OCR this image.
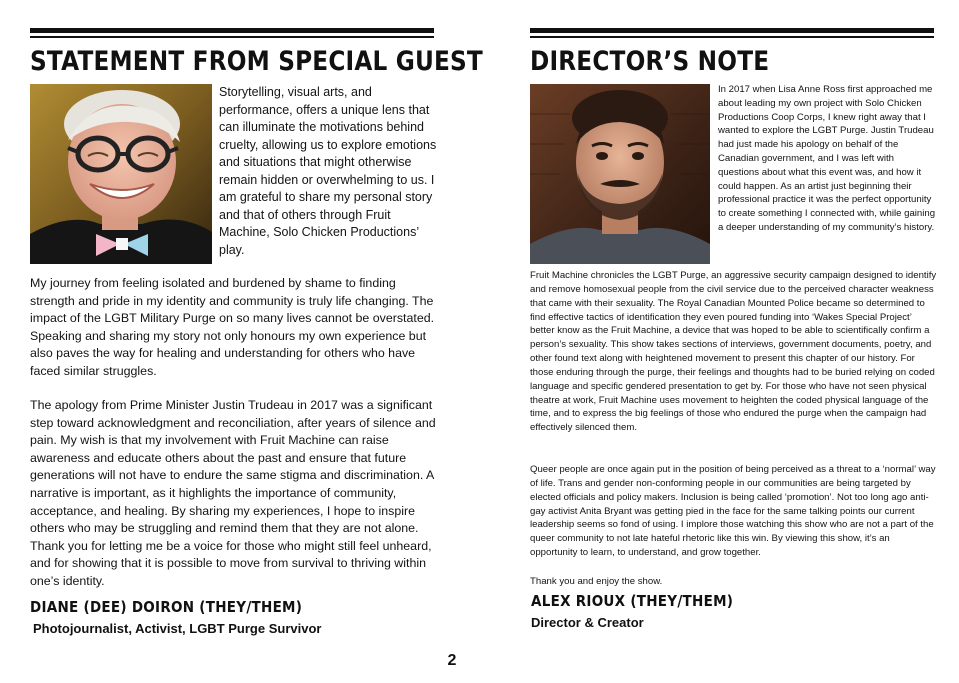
STATEMENT FROM SPECIAL GUEST
Storytelling, visual arts, and performance, offers a unique lens that can illuminate the motivations behind cruelty, allowing us to explore emotions and situations that might otherwise remain hidden or overwhelming to us. I am grateful to share my personal story and that of others through Fruit Machine, Solo Chicken Productions’ play.

My journey from feeling isolated and burdened by shame to finding strength and pride in my identity and community is truly life changing. The impact of the LGBT Military Purge on so many lives cannot be overstated. Speaking and sharing my story not only honours my own experience but also paves the way for healing and understanding for others who have faced similar struggles.

The apology from Prime Minister Justin Trudeau in 2017 was a significant step toward acknowledgment and reconciliation, after years of silence and pain. My wish is that my involvement with Fruit Machine can raise awareness and educate others about the past and ensure that future generations will not have to endure the same stigma and discrimination. A narrative is important, as it highlights the importance of community, acceptance, and healing. By sharing my experiences, I hope to inspire others who may be struggling and remind them that they are not alone. Thank you for letting me be a voice for those who might still feel unheard, and for showing that it is possible to move from survival to thriving within one’s identity.

DIANE (DEE) DOIRON (THEY/THEM)
Photojournalist, Activist, LGBT Purge Survivor
DIRECTOR’S NOTE
In 2017 when Lisa Anne Ross first approached me about leading my own project with Solo Chicken Productions Coop Corps, I knew right away that I wanted to explore the LGBT Purge. Justin Trudeau had just made his apology on behalf of the Canadian government, and I was left with questions about what this event was, and how it could happen. As an artist just beginning their professional practice it was the perfect opportunity to create something I connected with, while gaining a deeper understanding of my community’s history.

Fruit Machine chronicles the LGBT Purge, an aggressive security campaign designed to identify and remove homosexual people from the civil service due to the perceived character weakness that came with their sexuality. The Royal Canadian Mounted Police became so determined to find effective tactics of identification they even poured funding into ‘Wakes Special Project’ better know as the Fruit Machine, a device that was hoped to be able to scientifically confirm a person’s sexuality. This show takes sections of interviews, government documents, poetry, and other found text along with heightened movement to present this chapter of our history. For those enduring through the purge, their feelings and thoughts had to be buried relying on coded language and specific gendered presentation to get by. For those who have not seen physical theatre at work, Fruit Machine uses movement to heighten the coded physical language of the time, and to express the big feelings of those who endured the purge when the campaign had effectively silenced them.

Queer people are once again put in the position of being perceived as a threat to a ‘normal’ way of life. Trans and gender non-conforming people in our communities are being targeted by elected officials and policy makers. Inclusion is being called ‘promotion’. Not too long ago anti-gay activist Anita Bryant was getting pied in the face for the same talking points our current leadership seems so fond of using. I implore those watching this show who are not a part of the queer community to not late hateful rhetoric like this win. By viewing this show, it’s an opportunity to learn, to understand, and grow together.

Thank you and enjoy the show.

ALEX RIOUX (THEY/THEM)
Director & Creator
2
